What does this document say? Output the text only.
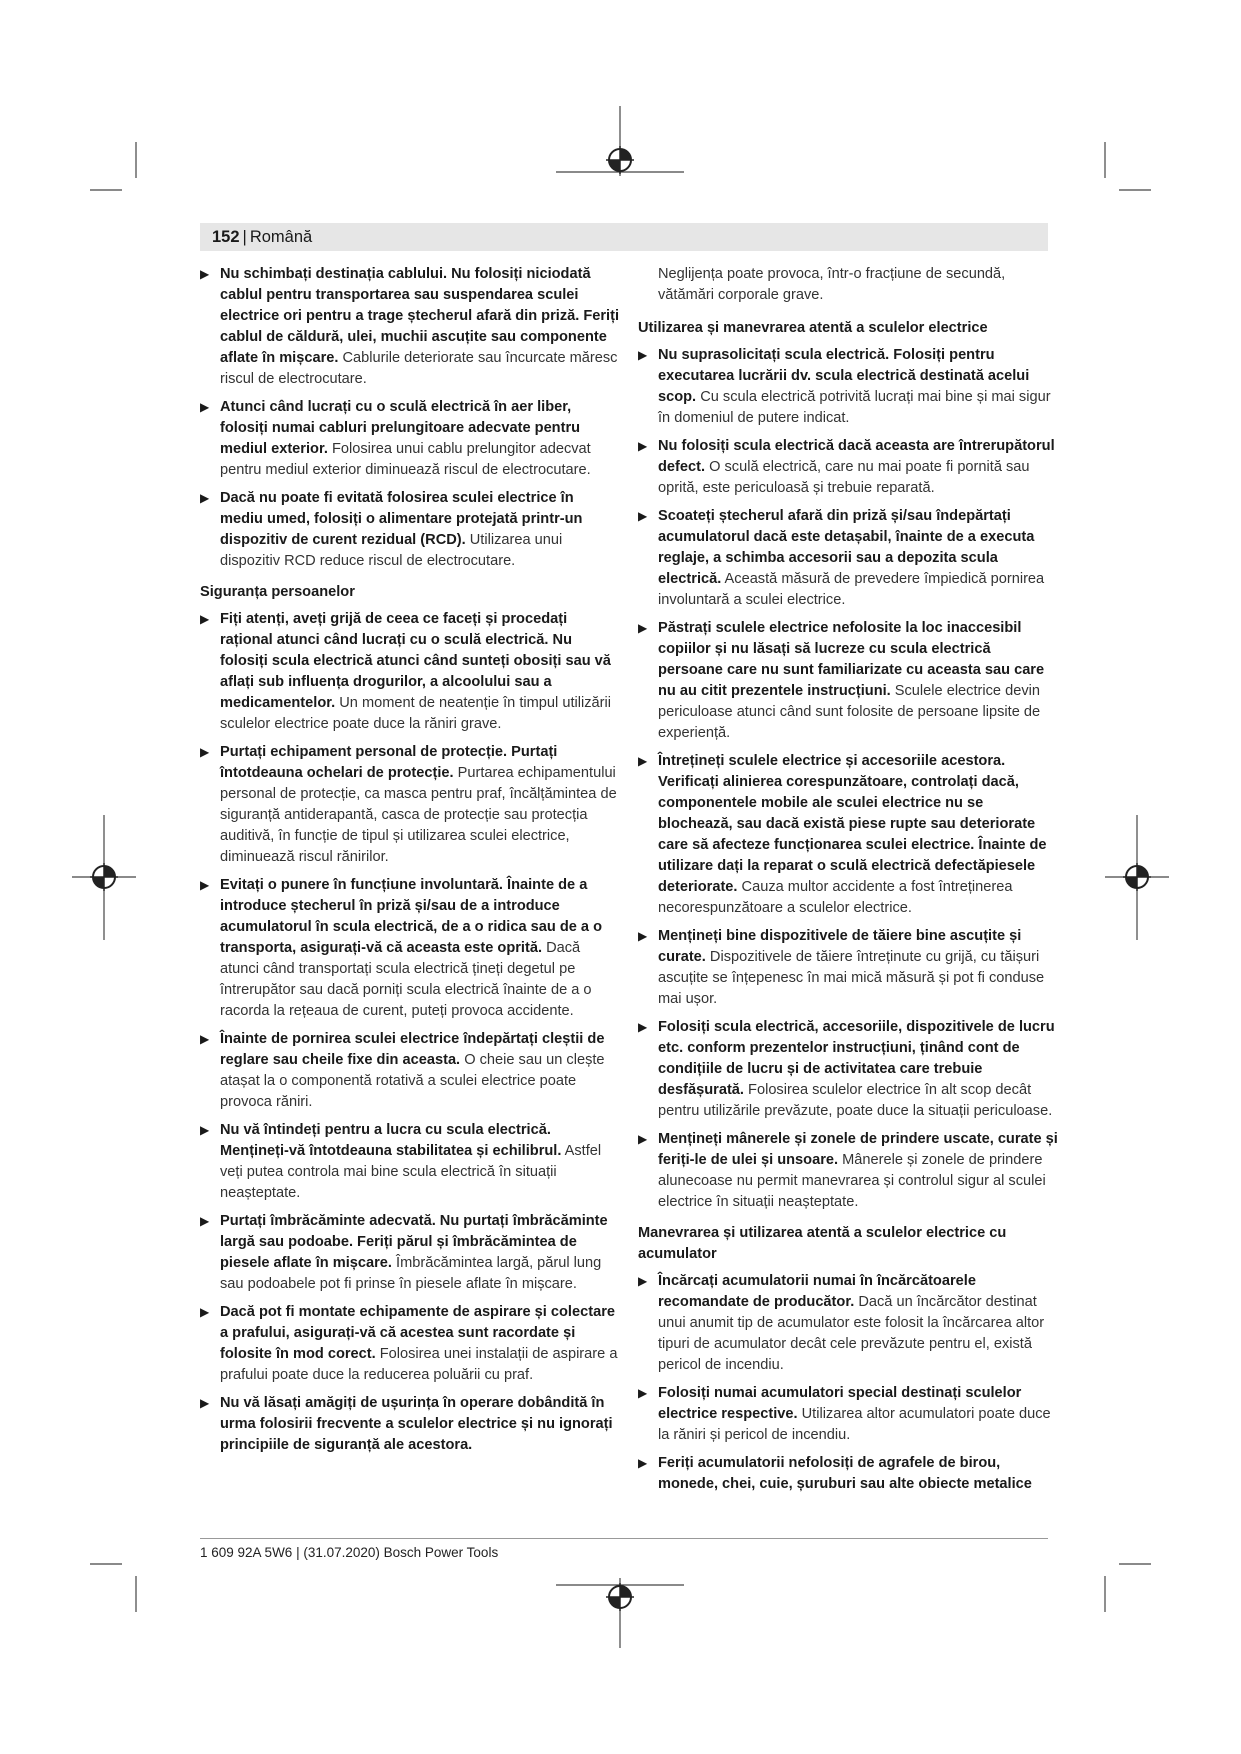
152 | Română
▶ Nu schimbați destinația cablului. Nu folosiți niciodată cablul pentru transportarea sau suspendarea sculei electrice ori pentru a trage ștecherul afară din priză. Feriți cablul de căldură, ulei, muchii ascuțite sau componente aflate în mișcare. Cablurile deteriorate sau încurcate măresc riscul de electrocutare.
▶ Atunci când lucrați cu o sculă electrică în aer liber, folosiți numai cabluri prelungitoare adecvate pentru mediul exterior. Folosirea unui cablu prelungitor adecvat pentru mediul exterior diminuează riscul de electrocutare.
▶ Dacă nu poate fi evitată folosirea sculei electrice în mediu umed, folosiți o alimentare protejată printr-un dispozitiv de curent rezidual (RCD). Utilizarea unui dispozitiv RCD reduce riscul de electrocutare.
Siguranța persoanelor
▶ Fiți atenți, aveți grijă de ceea ce faceți și procedați rațional atunci când lucrați cu o sculă electrică. Nu folosiți scula electrică atunci când sunteți obosiți sau vă aflați sub influența drogurilor, a alcoolului sau a medicamentelor. Un moment de neatenție în timpul utilizării sculelor electrice poate duce la răniri grave.
▶ Purtați echipament personal de protecție. Purtați întotdeauna ochelari de protecție. Purtarea echipamentului personal de protecție, ca masca pentru praf, încălțămintea de siguranță antiderapantă, casca de protecție sau protecția auditivă, în funcție de tipul și utilizarea sculei electrice, diminuează riscul rănirilor.
▶ Evitați o punere în funcțiune involuntară. Înainte de a introduce ștecherul în priză și/sau de a introduce acumulatorul în scula electrică, de a o ridica sau de a o transporta, asigurați-vă că aceasta este oprită. Dacă atunci când transportați scula electrică țineți degetul pe întrerupător sau dacă porniți scula electrică înainte de a o racorda la rețeaua de curent, puteți provoca accidente.
▶ Înainte de pornirea sculei electrice îndepărtați cleștii de reglare sau cheile fixe din aceasta. O cheie sau un clește atașat la o componentă rotativă a sculei electrice poate provoca răniri.
▶ Nu vă întindeți pentru a lucra cu scula electrică. Mențineți-vă întotdeauna stabilitatea și echilibrul. Astfel veți putea controla mai bine scula electrică în situații neașteptate.
▶ Purtați îmbrăcăminte adecvată. Nu purtați îmbrăcăminte largă sau podoabe. Feriți părul și îmbrăcămintea de piesele aflate în mișcare. Îmbrăcămintea largă, părul lung sau podoabele pot fi prinse în piesele aflate în mișcare.
▶ Dacă pot fi montate echipamente de aspirare și colectare a prafului, asigurați-vă că acestea sunt racordate și folosite în mod corect. Folosirea unei instalații de aspirare a prafului poate duce la reducerea poluării cu praf.
▶ Nu vă lăsați amăgiți de ușurința în operare dobândită în urma folosirii frecvente a sculelor electrice și nu ignorați principiile de siguranță ale acestora.
Neglijența poate provoca, într-o fracțiune de secundă, vătămări corporale grave.
Utilizarea și manevrarea atentă a sculelor electrice
▶ Nu suprasolicitați scula electrică. Folosiți pentru executarea lucrării dv. scula electrică destinată acelui scop. Cu scula electrică potrivită lucrați mai bine și mai sigur în domeniul de putere indicat.
▶ Nu folosiți scula electrică dacă aceasta are întrerupătorul defect. O sculă electrică, care nu mai poate fi pornită sau oprită, este periculoasă și trebuie reparată.
▶ Scoateți ștecherul afară din priză și/sau îndepărtați acumulatorul dacă este detașabil, înainte de a executa reglaje, a schimba accesorii sau a depozita scula electrică. Această măsură de prevedere împiedică pornirea involuntară a sculei electrice.
▶ Păstrați sculele electrice nefolosite la loc inaccesibil copiilor și nu lăsați să lucreze cu scula electrică persoane care nu sunt familiarizate cu aceasta sau care nu au citit prezentele instrucțiuni. Sculele electrice devin periculoase atunci când sunt folosite de persoane lipsite de experiență.
▶ Întrețineți sculele electrice și accesoriile acestora. Verificați alinierea corespunzătoare, controlați dacă, componentele mobile ale sculei electrice nu se blochează, sau dacă există piese rupte sau deteriorate care să afecteze funcționarea sculei electrice. Înainte de utilizare dați la reparat o sculă electrică defectăpiesele deteriorate. Cauza multor accidente a fost întreținerea necorespunzătoare a sculelor electrice.
▶ Mențineți bine dispozitivele de tăiere bine ascuțite și curate. Dispozitivele de tăiere întreținute cu grijă, cu tăișuri ascuțite se înțepenesc în mai mică măsură și pot fi conduse mai ușor.
▶ Folosiți scula electrică, accesoriile, dispozitivele de lucru etc. conform prezentelor instrucțiuni, ținând cont de condițiile de lucru și de activitatea care trebuie desfășurată. Folosirea sculelor electrice în alt scop decât pentru utilizările prevăzute, poate duce la situații periculoase.
▶ Mențineți mânerele și zonele de prindere uscate, curate și feriți-le de ulei și unsoare. Mânerele și zonele de prindere alunecoase nu permit manevrarea și controlul sigur al sculei electrice în situații neașteptate.
Manevrarea și utilizarea atentă a sculelor electrice cu acumulator
▶ Încărcați acumulatorii numai în încărcătoarele recomandate de producător. Dacă un încărcător destinat unui anumit tip de acumulator este folosit la încărcarea altor tipuri de acumulator decât cele prevăzute pentru el, există pericol de incendiu.
▶ Folosiți numai acumulatori special destinați sculelor electrice respective. Utilizarea altor acumulatori poate duce la răniri și pericol de incendiu.
▶ Feriți acumulatorii nefolosiți de agrafele de birou, monede, chei, cuie, șuruburi sau alte obiecte metalice
1 609 92A 5W6 | (31.07.2020) Bosch Power Tools
